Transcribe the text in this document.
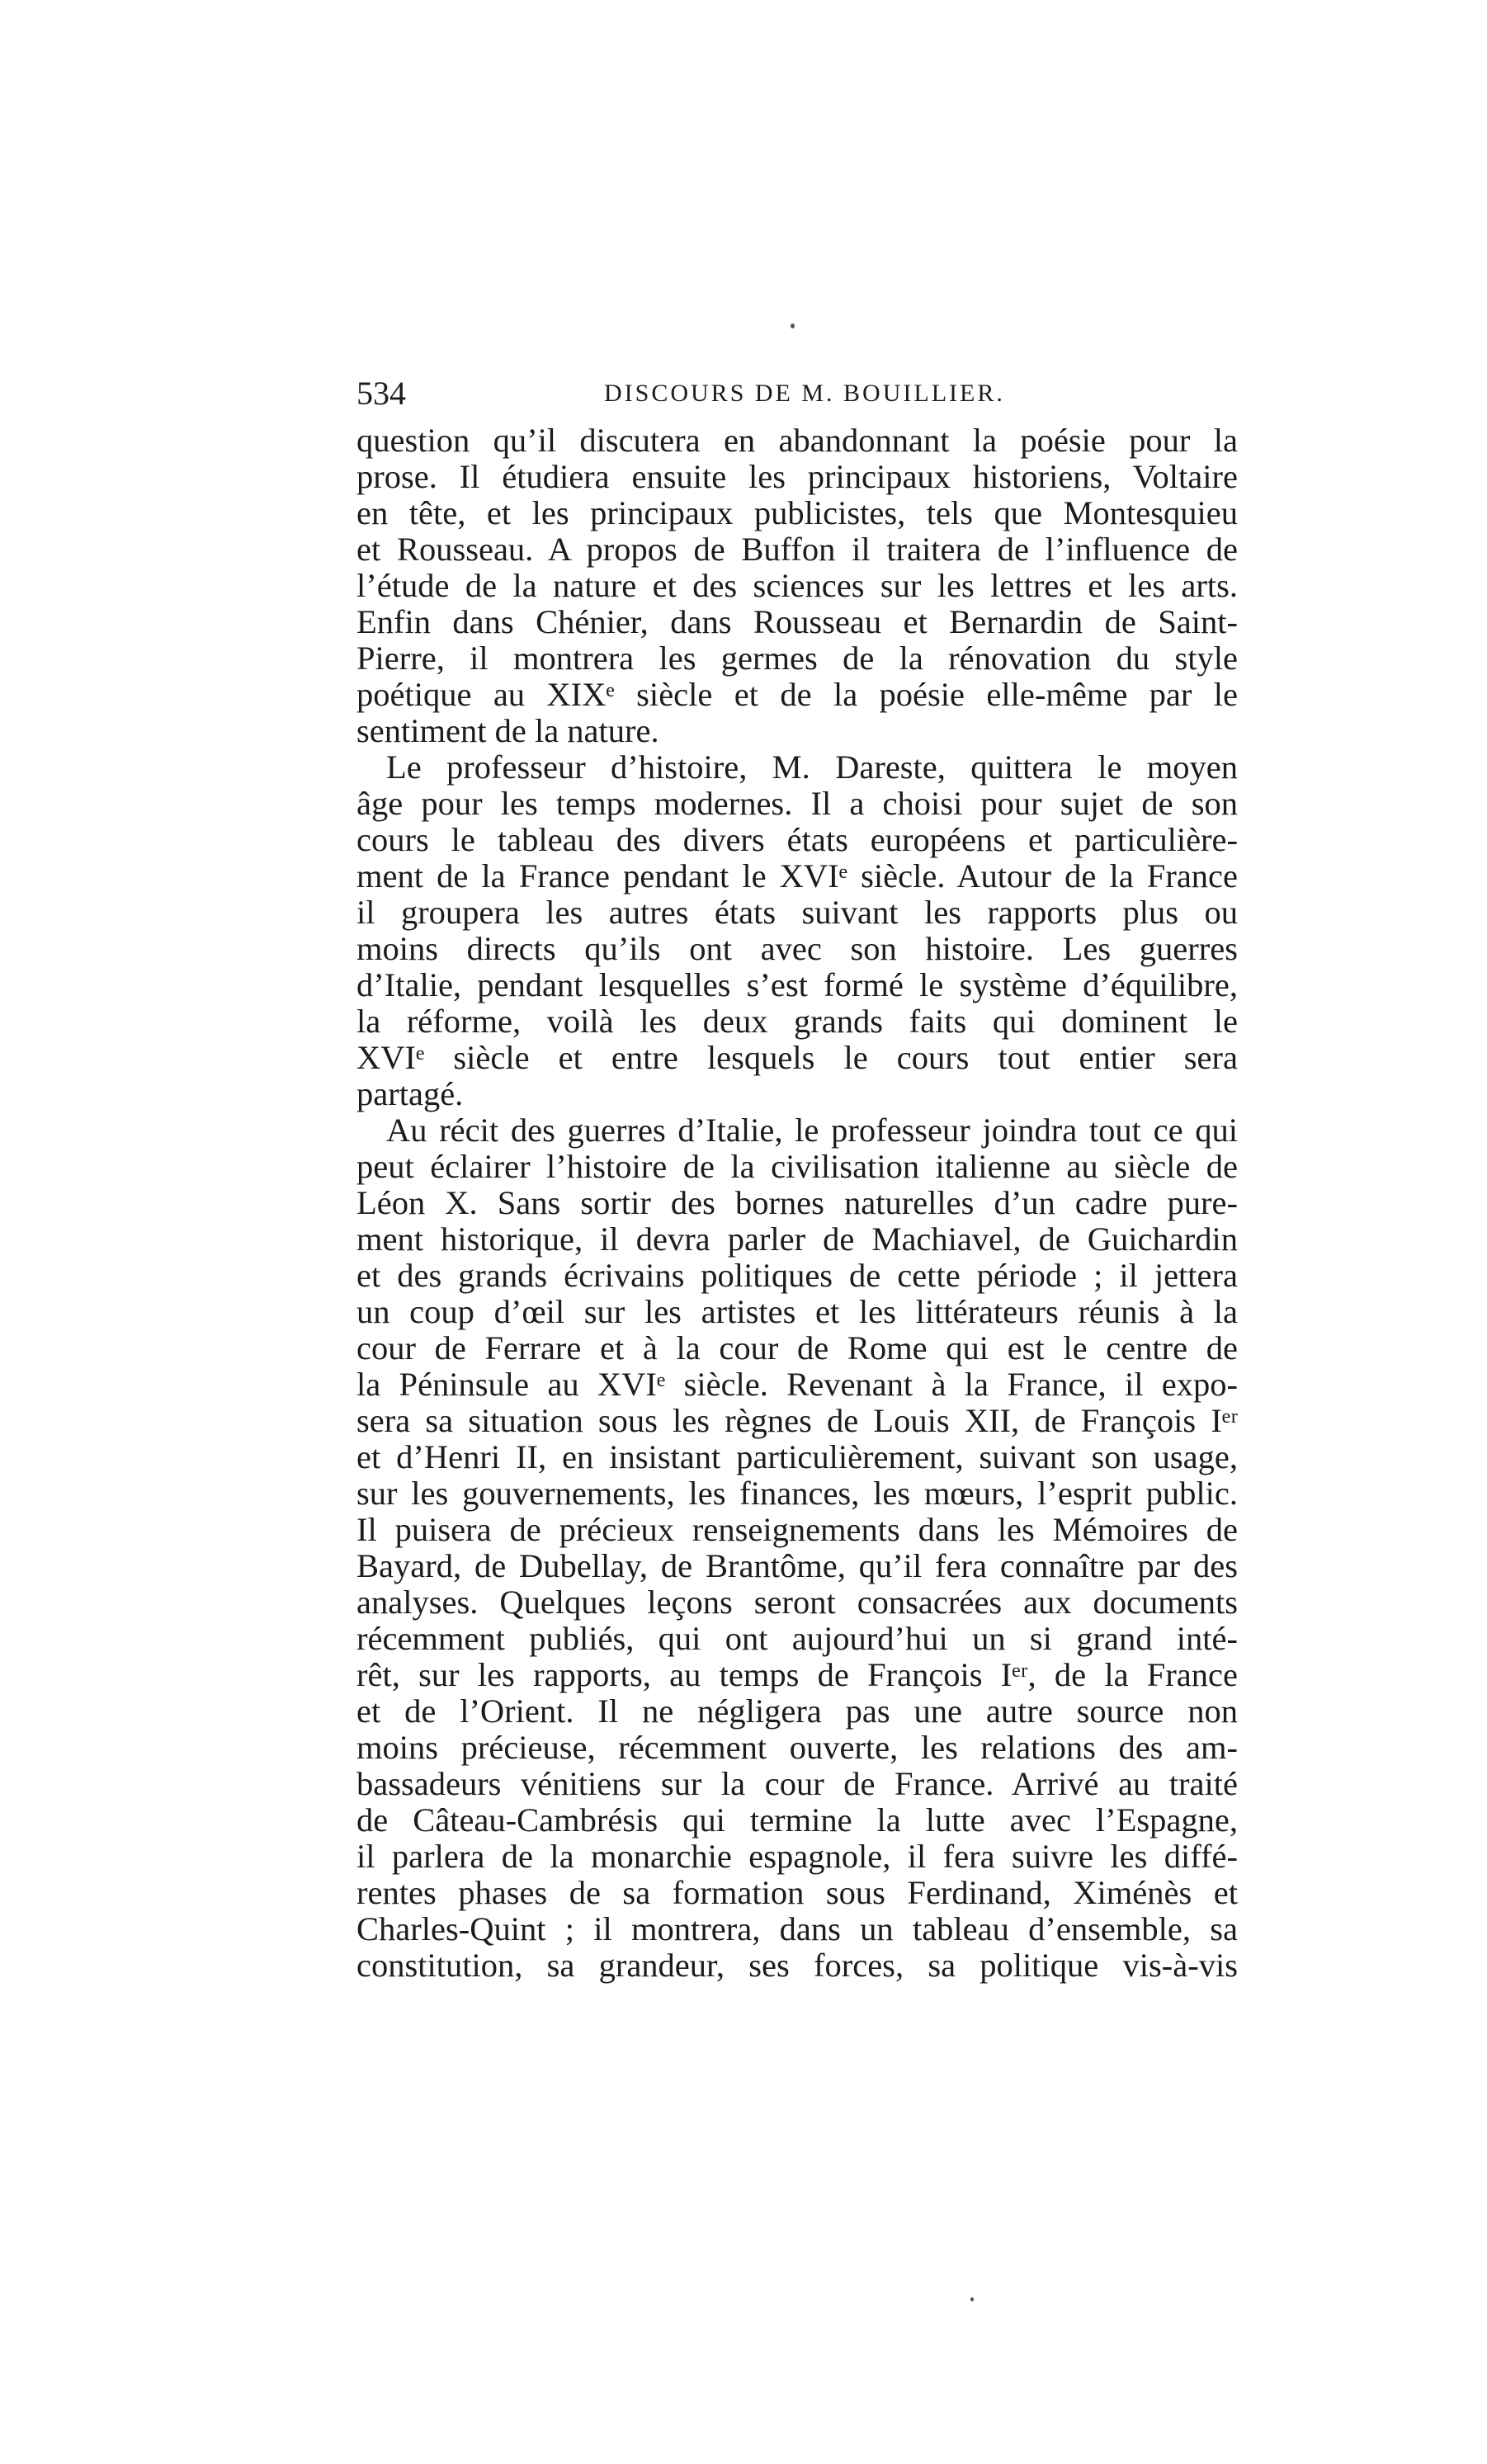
534	DISCOURS DE M. BOUILLIER.
question qu’il discutera en abandonnant la poésie pour la
prose. Il étudiera ensuite les principaux historiens, Voltaire
en tête, et les principaux publicistes, tels que Montesquieu
et Rousseau. A propos de Buffon il traitera de l’influence de
l’étude de la nature et des sciences sur les lettres et les arts.
Enfin dans Chénier, dans Rousseau et Bernardin de Saint-
Pierre, il montrera les germes de la rénovation du style
poétique au XIXᵉ siècle et de la poésie elle-même par le
sentiment de la nature.
Le professeur d’histoire, M. Dareste, quittera le moyen
âge pour les temps modernes. Il a choisi pour sujet de son
cours le tableau des divers états européens et particulière-
ment de la France pendant le XVIᵉ siècle. Autour de la France
il groupera les autres états suivant les rapports plus ou
moins directs qu’ils ont avec son histoire. Les guerres
d’Italie, pendant lesquelles s’est formé le système d’équilibre,
la réforme, voilà les deux grands faits qui dominent le
XVIᵉ siècle et entre lesquels le cours tout entier sera
partagé.
Au récit des guerres d’Italie, le professeur joindra tout ce qui
peut éclairer l’histoire de la civilisation italienne au siècle de
Léon X. Sans sortir des bornes naturelles d’un cadre pure-
ment historique, il devra parler de Machiavel, de Guichardin
et des grands écrivains politiques de cette période ; il jettera
un coup d’œil sur les artistes et les littérateurs réunis à la
cour de Ferrare et à la cour de Rome qui est le centre de
la Péninsule au XVIᵉ siècle. Revenant à la France, il expo-
sera sa situation sous les règnes de Louis XII, de François Iᵉʳ
et d’Henri II, en insistant particulièrement, suivant son usage,
sur les gouvernements, les finances, les mœurs, l’esprit public.
Il puisera de précieux renseignements dans les Mémoires de
Bayard, de Dubellay, de Brantôme, qu’il fera connaître par des
analyses. Quelques leçons seront consacrées aux documents
récemment publiés, qui ont aujourd’hui un si grand inté-
rêt, sur les rapports, au temps de François Iᵉʳ, de la France
et de l’Orient. Il ne négligera pas une autre source non
moins précieuse, récemment ouverte, les relations des am-
bassadeurs vénitiens sur la cour de France. Arrivé au traité
de Câteau-Cambrésis qui termine la lutte avec l’Espagne,
il parlera de la monarchie espagnole, il fera suivre les diffé-
rentes phases de sa formation sous Ferdinand, Ximénès et
Charles-Quint ; il montrera, dans un tableau d’ensemble, sa
constitution, sa grandeur, ses forces, sa politique vis-à-vis
